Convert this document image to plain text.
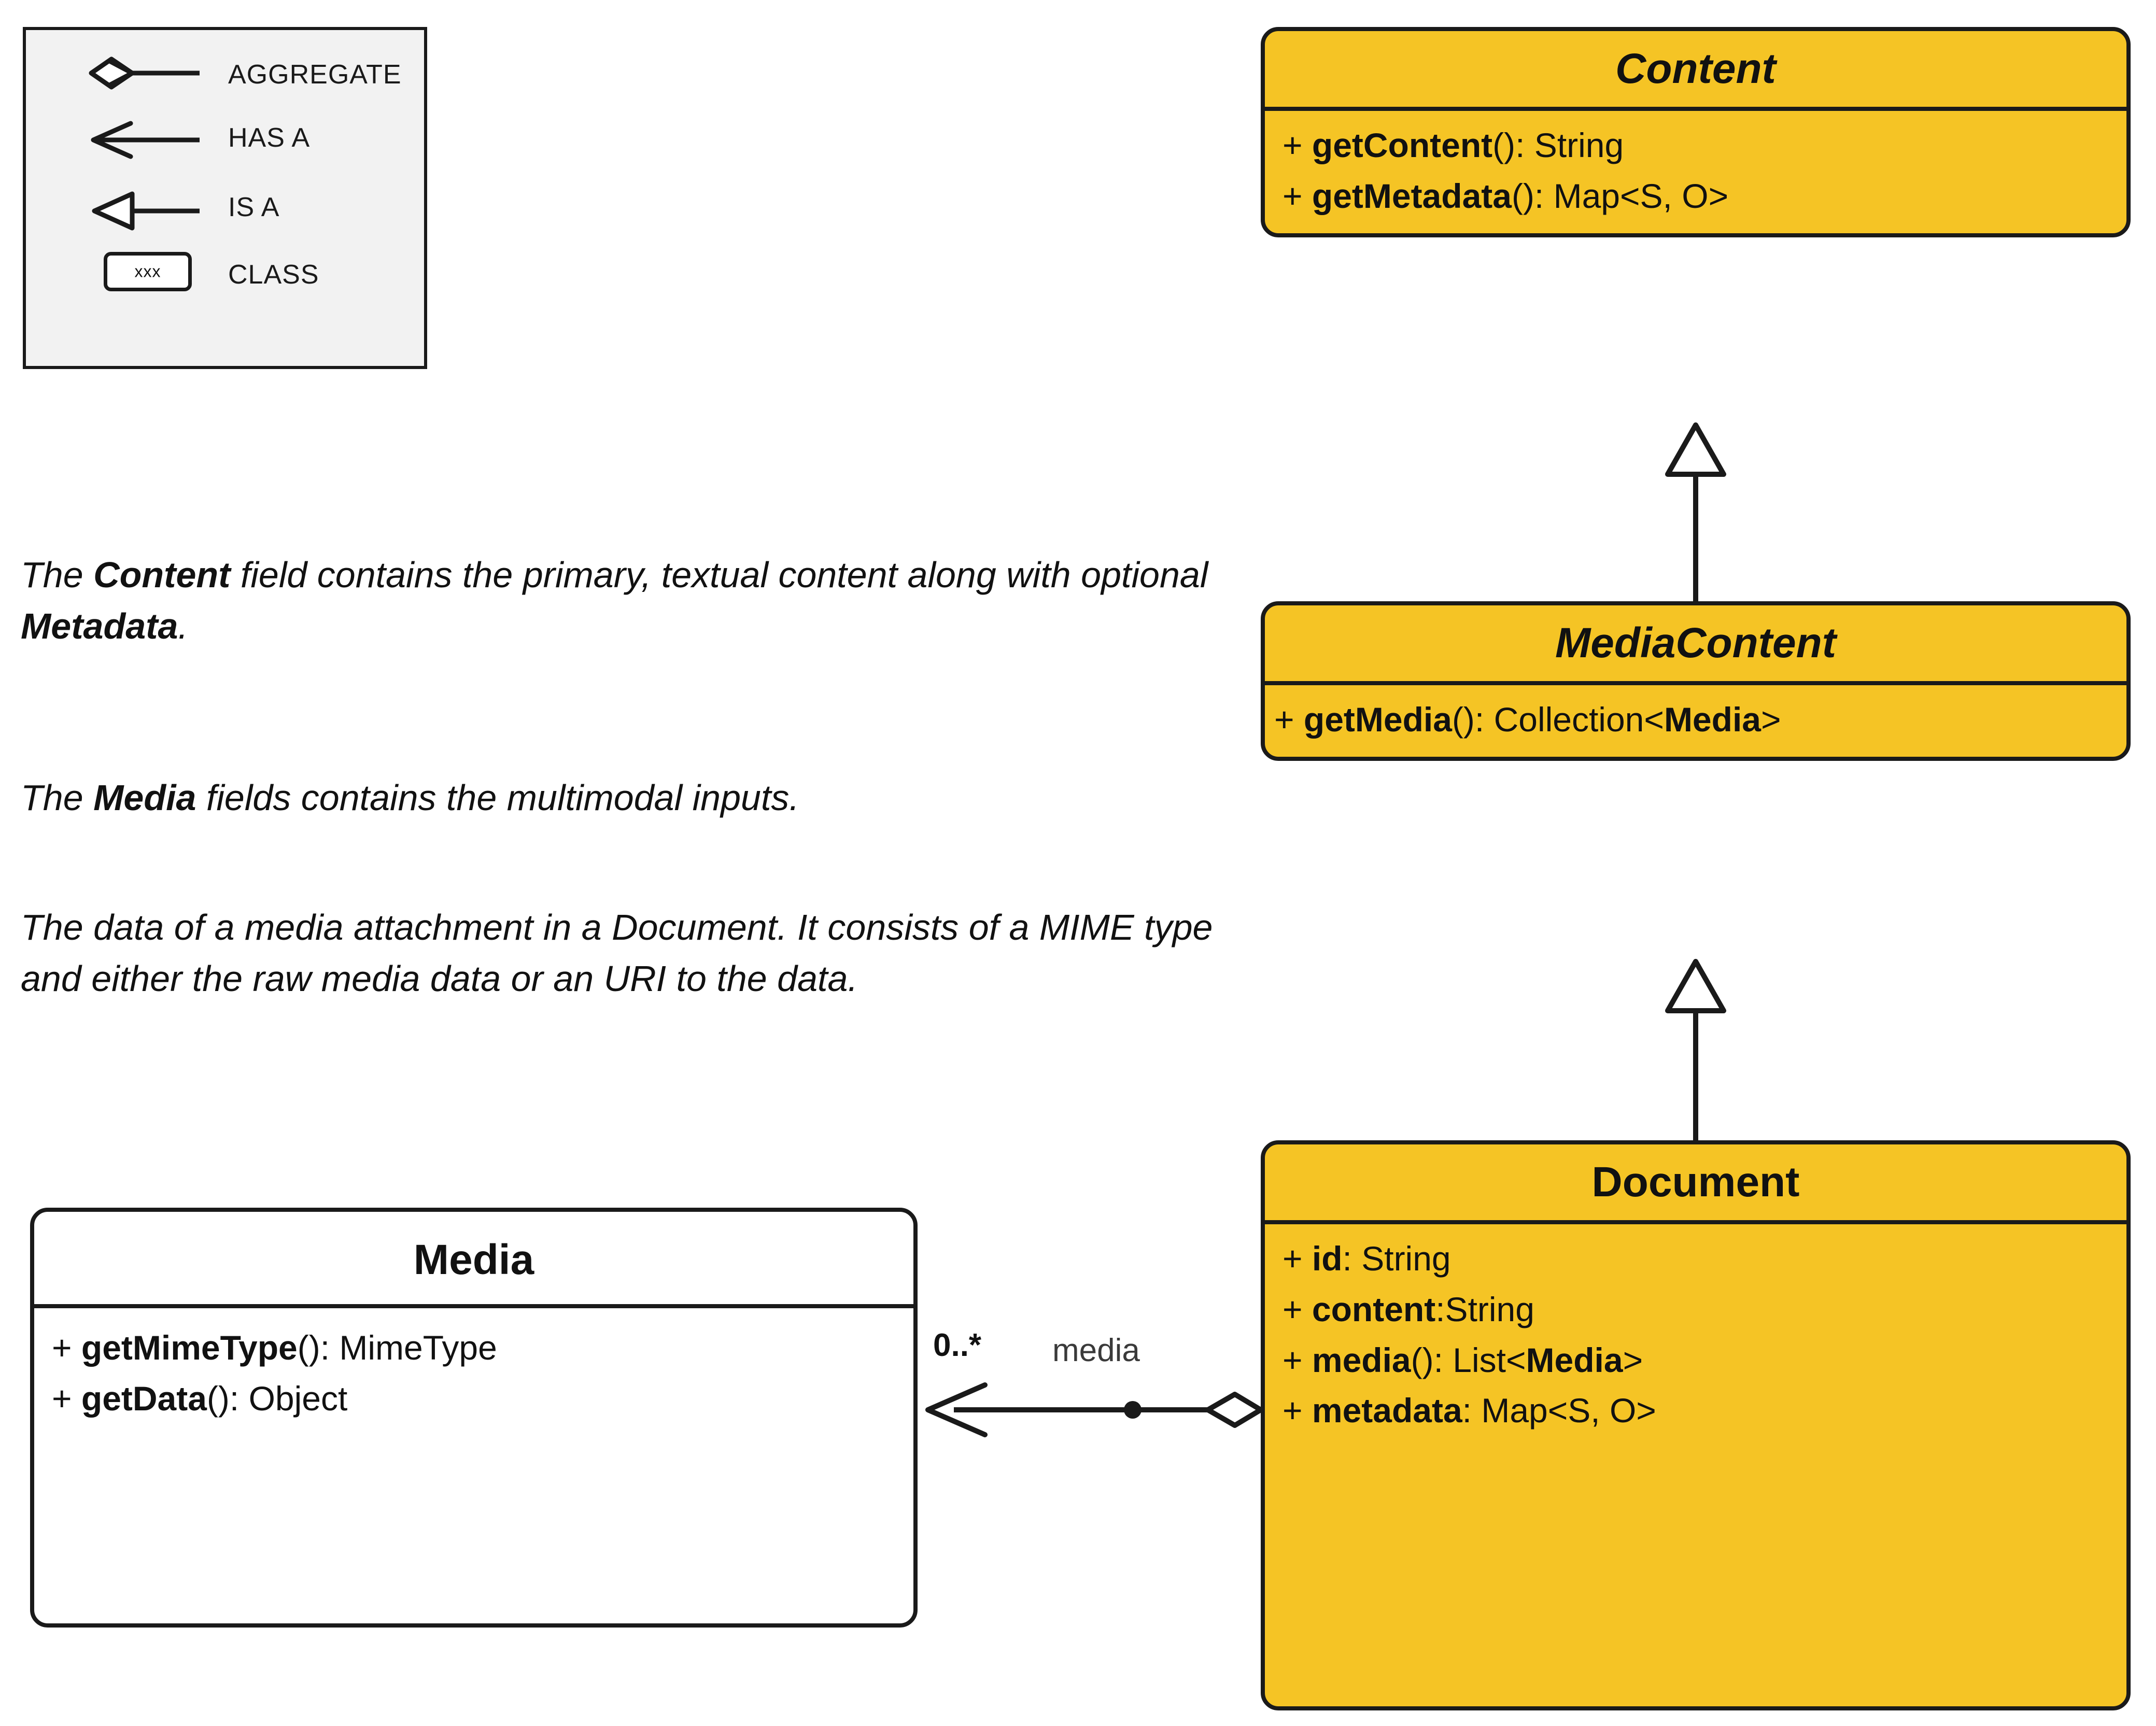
AGGREGATE
HAS A
IS A
xxx	CLASS
The Content field contains the primary, textual content along with optional Metadata.
The Media fields contains the multimodal inputs.
The data of a media attachment in a Document. It consists of a MIME type and either the raw media data or an URI to the data.
0..* media
Content
+ getContent(): String
+ getMetadata(): Map<S, O>
MediaContent
+ getMedia(): Collection<Media>
Document
+ id: String
+ content:String
+ media(): List<Media>
+ metadata: Map<S, O>
Media
+ getMimeType(): MimeType
+ getData(): Object
